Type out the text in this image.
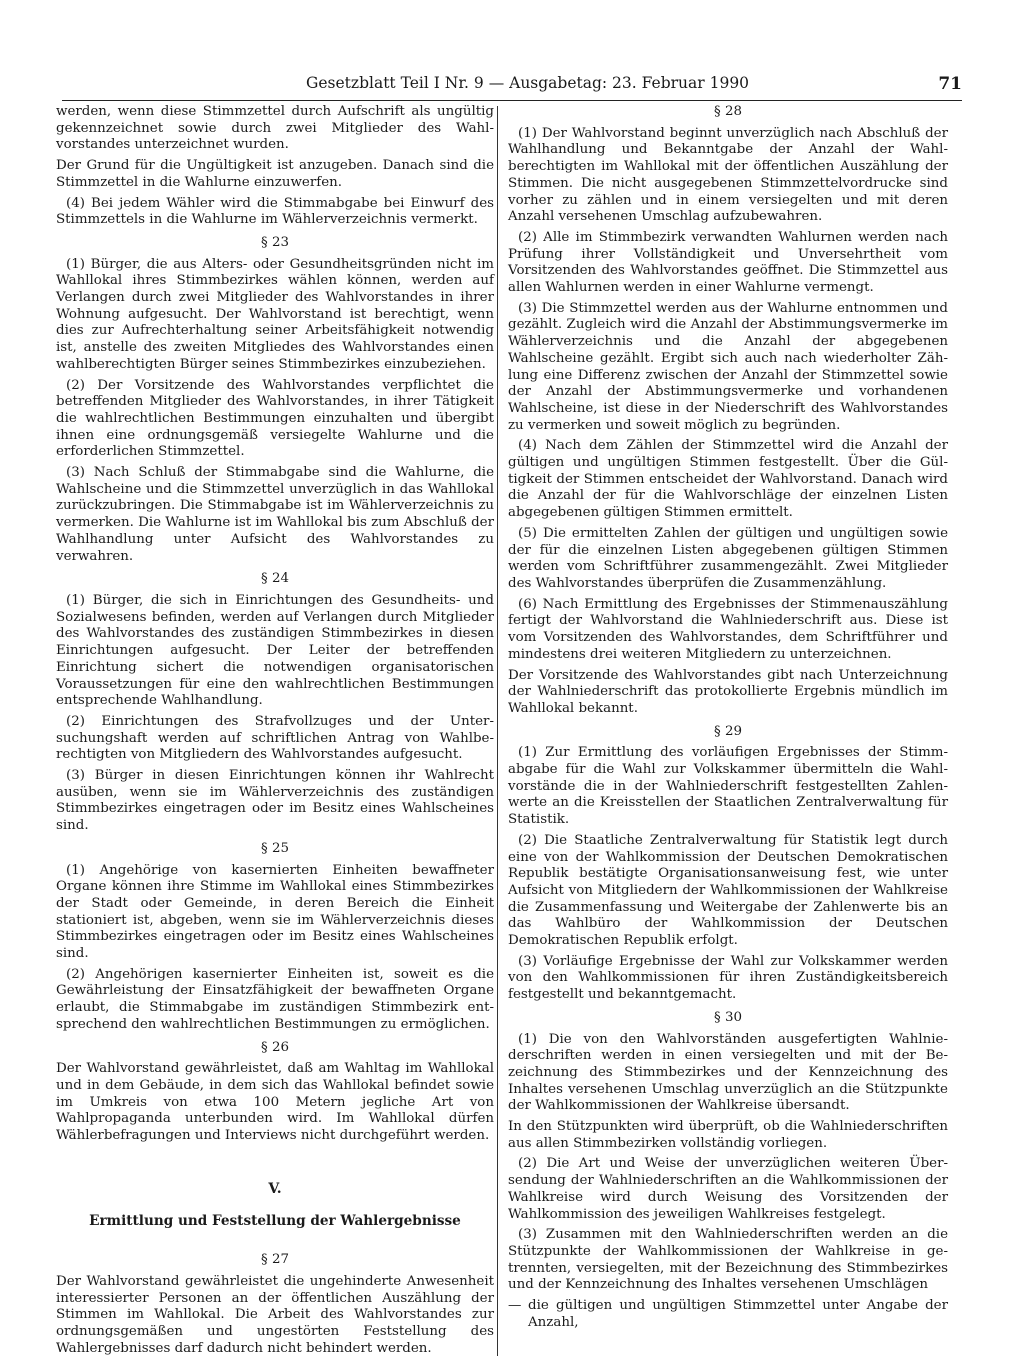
Gesetzblatt Teil I Nr. 9 — Ausgabetag: 23. Februar 1990	71

werden, wenn diese Stimmzettel durch Aufschrift als ungültig gekennzeichnet sowie durch zwei Mitglieder des Wahlvorstandes unterzeichnet wurden.

Der Grund für die Ungültigkeit ist anzugeben. Danach sind die Stimmzettel in die Wahlurne einzuwerfen.

(4) Bei jedem Wähler wird die Stimmabgabe bei Einwurf des Stimmzettels in die Wahlurne im Wählerverzeichnis vermerkt.

§ 23

(1) Bürger, die aus Alters- oder Gesundheitsgründen nicht im Wahllokal ihres Stimmbezirkes wählen können, werden auf Verlangen durch zwei Mitglieder des Wahlvorstandes in ihrer Wohnung aufgesucht. Der Wahlvorstand ist berechtigt, wenn dies zur Aufrechterhaltung seiner Arbeitsfähigkeit notwendig ist, anstelle des zweiten Mitgliedes des Wahlvorstandes einen wahlberechtigten Bürger seines Stimmbezirkes einzubeziehen.

(2) Der Vorsitzende des Wahlvorstandes verpflichtet die betreffenden Mitglieder des Wahlvorstandes, in ihrer Tätigkeit die wahlrechtlichen Bestimmungen einzuhalten und übergibt ihnen eine ordnungsgemäß versiegelte Wahlurne und die erforderlichen Stimmzettel.

(3) Nach Schluß der Stimmabgabe sind die Wahlurne, die Wahlscheine und die Stimmzettel unverzüglich in das Wahllokal zurückzubringen. Die Stimmabgabe ist im Wählerverzeichnis zu vermerken. Die Wahlurne ist im Wahllokal bis zum Abschluß der Wahlhandlung unter Aufsicht des Wahlvorstandes zu verwahren.

§ 24

(1) Bürger, die sich in Einrichtungen des Gesundheits- und Sozialwesens befinden, werden auf Verlangen durch Mitglieder des Wahlvorstandes des zuständigen Stimmbezirkes in diesen Einrichtungen aufgesucht. Der Leiter der betreffenden Einrichtung sichert die notwendigen organisatorischen Voraussetzungen für eine den wahlrechtlichen Bestimmungen entsprechende Wahlhandlung.

(2) Einrichtungen des Strafvollzuges und der Untersuchungshaft werden auf schriftlichen Antrag von Wahlberechtigten von Mitgliedern des Wahlvorstandes aufgesucht.

(3) Bürger in diesen Einrichtungen können ihr Wahlrecht ausüben, wenn sie im Wählerverzeichnis des zuständigen Stimmbezirkes eingetragen oder im Besitz eines Wahlscheines sind.

§ 25

(1) Angehörige von kasernierten Einheiten bewaffneter Organe können ihre Stimme im Wahllokal eines Stimmbezirkes der Stadt oder Gemeinde, in deren Bereich die Einheit stationiert ist, abgeben, wenn sie im Wählerverzeichnis dieses Stimmbezirkes eingetragen oder im Besitz eines Wahlscheines sind.

(2) Angehörigen kasernierter Einheiten ist, soweit es die Gewährleistung der Einsatzfähigkeit der bewaffneten Organe erlaubt, die Stimmabgabe im zuständigen Stimmbezirk entsprechend den wahlrechtlichen Bestimmungen zu ermöglichen.

§ 26

Der Wahlvorstand gewährleistet, daß am Wahltag im Wahllokal und in dem Gebäude, in dem sich das Wahllokal befindet sowie im Umkreis von etwa 100 Metern jegliche Art von Wahlpropaganda unterbunden wird. Im Wahllokal dürfen Wählerbefragungen und Interviews nicht durchgeführt werden.

V.
Ermittlung und Feststellung der Wahlergebnisse
§ 27

Der Wahlvorstand gewährleistet die ungehinderte Anwesenheit interessierter Personen an der öffentlichen Auszählung der Stimmen im Wahllokal. Die Arbeit des Wahlvorstandes zur ordnungsgemäßen und ungestörten Feststellung des Wahlergebnisses darf dadurch nicht behindert werden.

§ 28

(1) Der Wahlvorstand beginnt unverzüglich nach Abschluß der Wahlhandlung und Bekanntgabe der Anzahl der Wahlberechtigten im Wahllokal mit der öffentlichen Auszählung der Stimmen. Die nicht ausgegebenen Stimmzettelvordrucke sind vorher zu zählen und in einem versiegelten und mit deren Anzahl versehenen Umschlag aufzubewahren.

(2) Alle im Stimmbezirk verwandten Wahlurnen werden nach Prüfung ihrer Vollständigkeit und Unversehrtheit vom Vorsitzenden des Wahlvorstandes geöffnet. Die Stimmzettel aus allen Wahlurnen werden in einer Wahlurne vermengt.

(3) Die Stimmzettel werden aus der Wahlurne entnommen und gezählt. Zugleich wird die Anzahl der Abstimmungsvermerke im Wählerverzeichnis und die Anzahl der abgegebenen Wahlscheine gezählt. Ergibt sich auch nach wiederholter Zählung eine Differenz zwischen der Anzahl der Stimmzettel sowie der Anzahl der Abstimmungsvermerke und vorhandenen Wahlscheine, ist diese in der Niederschrift des Wahlvorstandes zu vermerken und soweit möglich zu begründen.

(4) Nach dem Zählen der Stimmzettel wird die Anzahl der gültigen und ungültigen Stimmen festgestellt. Über die Gültigkeit der Stimmen entscheidet der Wahlvorstand. Danach wird die Anzahl der für die Wahlvorschläge der einzelnen Listen abgegebenen gültigen Stimmen ermittelt.

(5) Die ermittelten Zahlen der gültigen und ungültigen sowie der für die einzelnen Listen abgegebenen gültigen Stimmen werden vom Schriftführer zusammengezählt. Zwei Mitglieder des Wahlvorstandes überprüfen die Zusammenzählung.

(6) Nach Ermittlung des Ergebnisses der Stimmenauszählung fertigt der Wahlvorstand die Wahlniederschrift aus. Diese ist vom Vorsitzenden des Wahlvorstandes, dem Schriftführer und mindestens drei weiteren Mitgliedern zu unterzeichnen.

Der Vorsitzende des Wahlvorstandes gibt nach Unterzeichnung der Wahlniederschrift das protokollierte Ergebnis mündlich im Wahllokal bekannt.

§ 29

(1) Zur Ermittlung des vorläufigen Ergebnisses der Stimmabgabe für die Wahl zur Volkskammer übermitteln die Wahlvorstände die in der Wahlniederschrift festgestellten Zahlenwerte an die Kreisstellen der Staatlichen Zentralverwaltung für Statistik.

(2) Die Staatliche Zentralverwaltung für Statistik legt durch eine von der Wahlkommission der Deutschen Demokratischen Republik bestätigte Organisationsanweisung fest, wie unter Aufsicht von Mitgliedern der Wahlkommissionen der Wahlkreise die Zusammenfassung und Weitergabe der Zahlenwerte bis an das Wahlbüro der Wahlkommission der Deutschen Demokratischen Republik erfolgt.

(3) Vorläufige Ergebnisse der Wahl zur Volkskammer werden von den Wahlkommissionen für ihren Zuständigkeitsbereich festgestellt und bekanntgemacht.

§ 30

(1) Die von den Wahlvorständen ausgefertigten Wahlniederschriften werden in einen versiegelten und mit der Bezeichnung des Stimmbezirkes und der Kennzeichnung des Inhaltes versehenen Umschlag unverzüglich an die Stützpunkte der Wahlkommissionen der Wahlkreise übersandt.

In den Stützpunkten wird überprüft, ob die Wahlniederschriften aus allen Stimmbezirken vollständig vorliegen.

(2) Die Art und Weise der unverzüglichen weiteren Übersendung der Wahlniederschriften an die Wahlkommissionen der Wahlkreise wird durch Weisung des Vorsitzenden der Wahlkommission des jeweiligen Wahlkreises festgelegt.

(3) Zusammen mit den Wahlniederschriften werden an die Stützpunkte der Wahlkommissionen der Wahlkreise in getrennten, versiegelten, mit der Bezeichnung des Stimmbezirkes und der Kennzeichnung des Inhaltes versehenen Umschlägen

— die gültigen und ungültigen Stimmzettel unter Angabe der Anzahl,
